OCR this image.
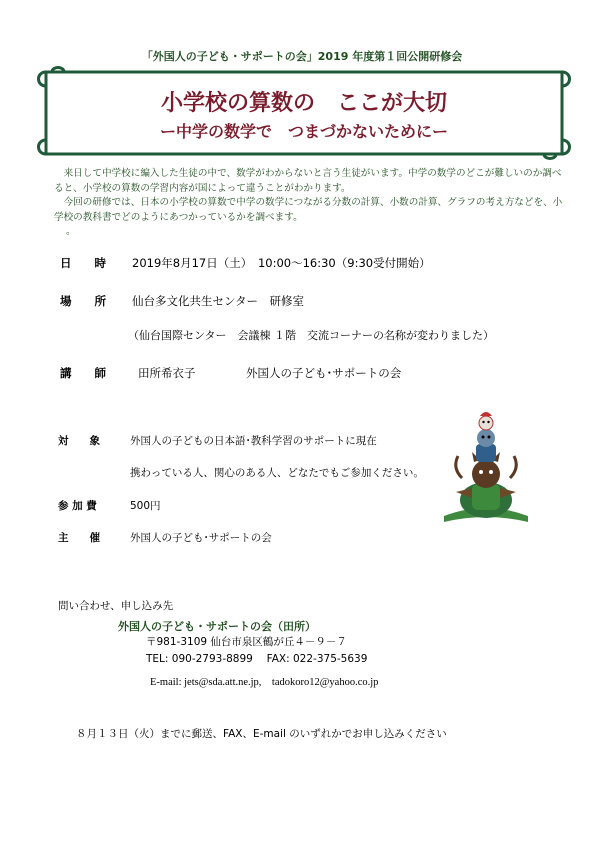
「外国人の子ども・サポートの会」2019 年度第１回公開研修会
小学校の算数の　ここが大切
ー中学の数学で　つまづかないためにー

来日して中学校に編入した生徒の中で、数学がわからないと言う生徒がいます。中学の数学のどこが難しいのか調べると、小学校の算数の学習内容が国によって違うことがわかります。

今回の研修では、日本の小学校の算数で中学の数学につながる分数の計算、小数の計算、グラフの考え方などを、小学校の教科書でどのようにあつかっているかを調べます。

。
日　　時 2019年8月17日（土）　10:00～16:30（9:30受付開始）
場　　所 仙台多文化共生センター　研修室
（仙台国際センター　会議棟 １階　交流コーナーの名称が変わりました）
講　　師	田所希衣子	外国人の子ども･サポートの会
対　　象	外国人の子どもの日本語･教科学習のサポートに現在
携わっている人、関心のある人、どなたでもご参加ください。
参 加 費	500円
主　　催	外国人の子ども･サポートの会
問い合わせ、申し込み先
外国人の子ども・サポートの会（田所）
〒981-3109 仙台市泉区鶴が丘４－９－７
TEL: 090-2793-8899　 FAX: 022-375-5639
E-mail: jets@sda.att.ne.jp,　tadokoro12@yahoo.co.jp
８月１３日（火）までに郵送、FAX、E-mail のいずれかでお申し込みください
